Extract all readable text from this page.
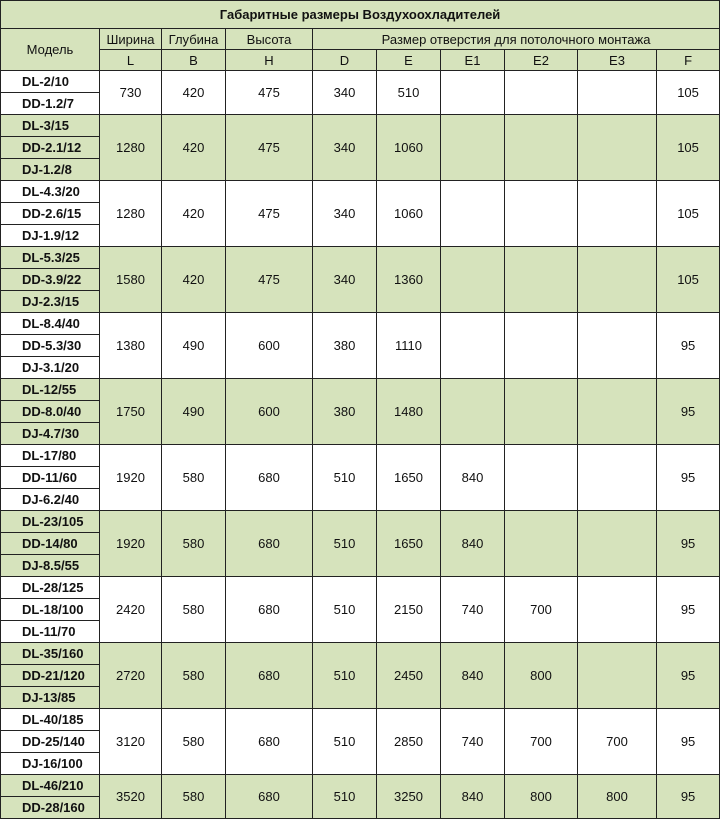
Габаритные размеры Воздухоохладителей									
Модель	Ширина	Глубина	Высота	Размер отверстия для потолочного монтажа					
	L	B	H	D	E	E1	E2	E3	F

DL-2/10
DD-1.2/7	730	420	475	340	510				105

DL-3/15
DD-2.1/12
DJ-1.2/8	1280	420	475	340	1060				105

DL-4.3/20
DD-2.6/15
DJ-1.9/12	1280	420	475	340	1060				105

DL-5.3/25
DD-3.9/22
DJ-2.3/15	1580	420	475	340	1360				105

DL-8.4/40
DD-5.3/30
DJ-3.1/20	1380	490	600	380	1110				95

DL-12/55
DD-8.0/40
DJ-4.7/30	1750	490	600	380	1480				95

DL-17/80
DD-11/60
DJ-6.2/40	1920	580	680	510	1650	840			95

DL-23/105
DD-14/80
DJ-8.5/55	1920	580	680	510	1650	840			95

DL-28/125
DL-18/100
DL-11/70	2420	580	680	510	2150	740	700		95

DL-35/160
DD-21/120
DJ-13/85	2720	580	680	510	2450	840	800		95

DL-40/185
DD-25/140
DJ-16/100	3120	580	680	510	2850	740	700	700	95

DL-46/210
DD-28/160	3520	580	680	510	3250	840	800	800	95
